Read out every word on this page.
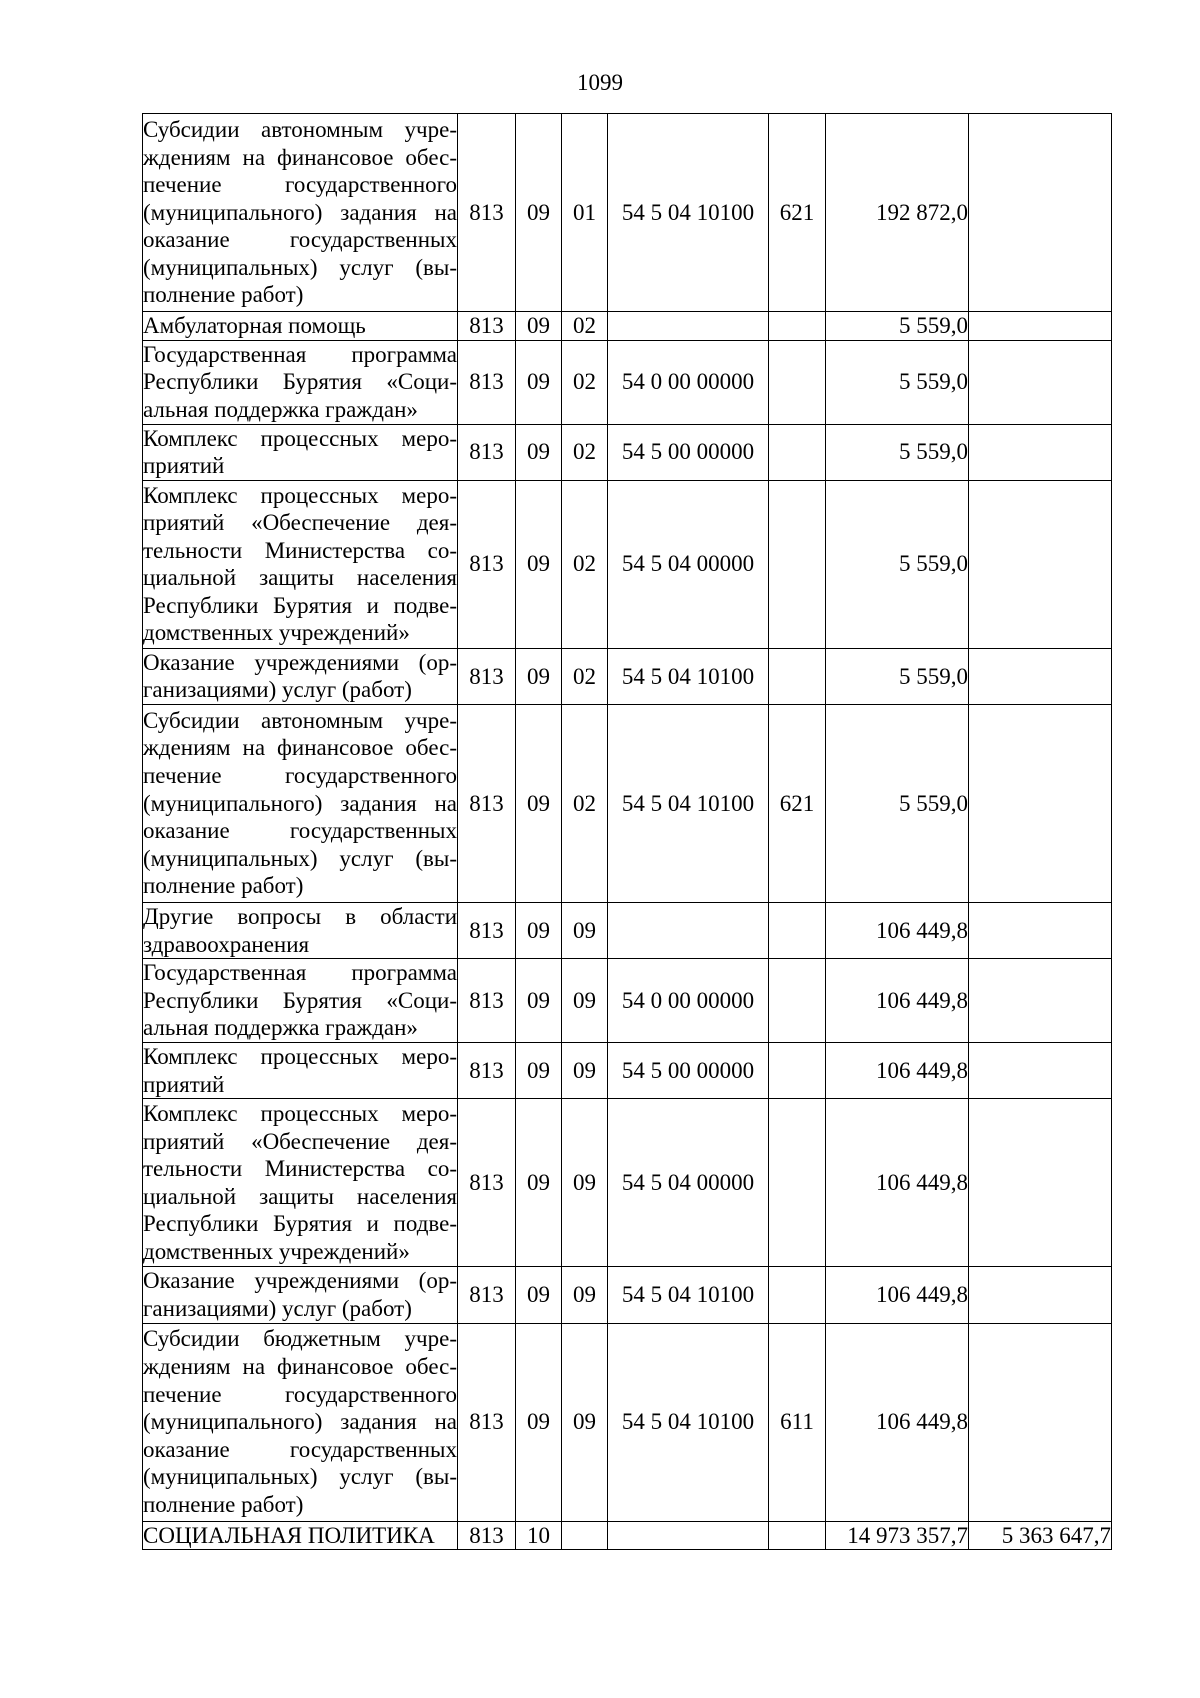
1099
Субсидии автономным учреждениям на финансовое обеспечение государственного (муниципального) задания на оказание государственных (муниципальных) услуг (выполнение работ)	813	09	01	54 5 04 10100	621	192 872,0	
Амбулаторная помощь	813	09	02			5 559,0	
Государственная программа Республики Бурятия «Социальная поддержка граждан»	813	09	02	54 0 00 00000		5 559,0	
Комплекс процессных мероприятий	813	09	02	54 5 00 00000		5 559,0	
Комплекс процессных мероприятий «Обеспечение деятельности Министерства социальной защиты населения Республики Бурятия и подведомственных учреждений»	813	09	02	54 5 04 00000		5 559,0	
Оказание учреждениями (организациями) услуг (работ)	813	09	02	54 5 04 10100		5 559,0	
Субсидии автономным учреждениям на финансовое обеспечение государственного (муниципального) задания на оказание государственных (муниципальных) услуг (выполнение работ)	813	09	02	54 5 04 10100	621	5 559,0	
Другие вопросы в области здравоохранения	813	09	09			106 449,8	
Государственная программа Республики Бурятия «Социальная поддержка граждан»	813	09	09	54 0 00 00000		106 449,8	
Комплекс процессных мероприятий	813	09	09	54 5 00 00000		106 449,8	
Комплекс процессных мероприятий «Обеспечение деятельности Министерства социальной защиты населения Республики Бурятия и подведомственных учреждений»	813	09	09	54 5 04 00000		106 449,8	
Оказание учреждениями (организациями) услуг (работ)	813	09	09	54 5 04 10100		106 449,8	
Субсидии бюджетным учреждениям на финансовое обеспечение государственного (муниципального) задания на оказание государственных (муниципальных) услуг (выполнение работ)	813	09	09	54 5 04 10100	611	106 449,8	
СОЦИАЛЬНАЯ ПОЛИТИКА	813	10				14 973 357,7	5 363 647,7
